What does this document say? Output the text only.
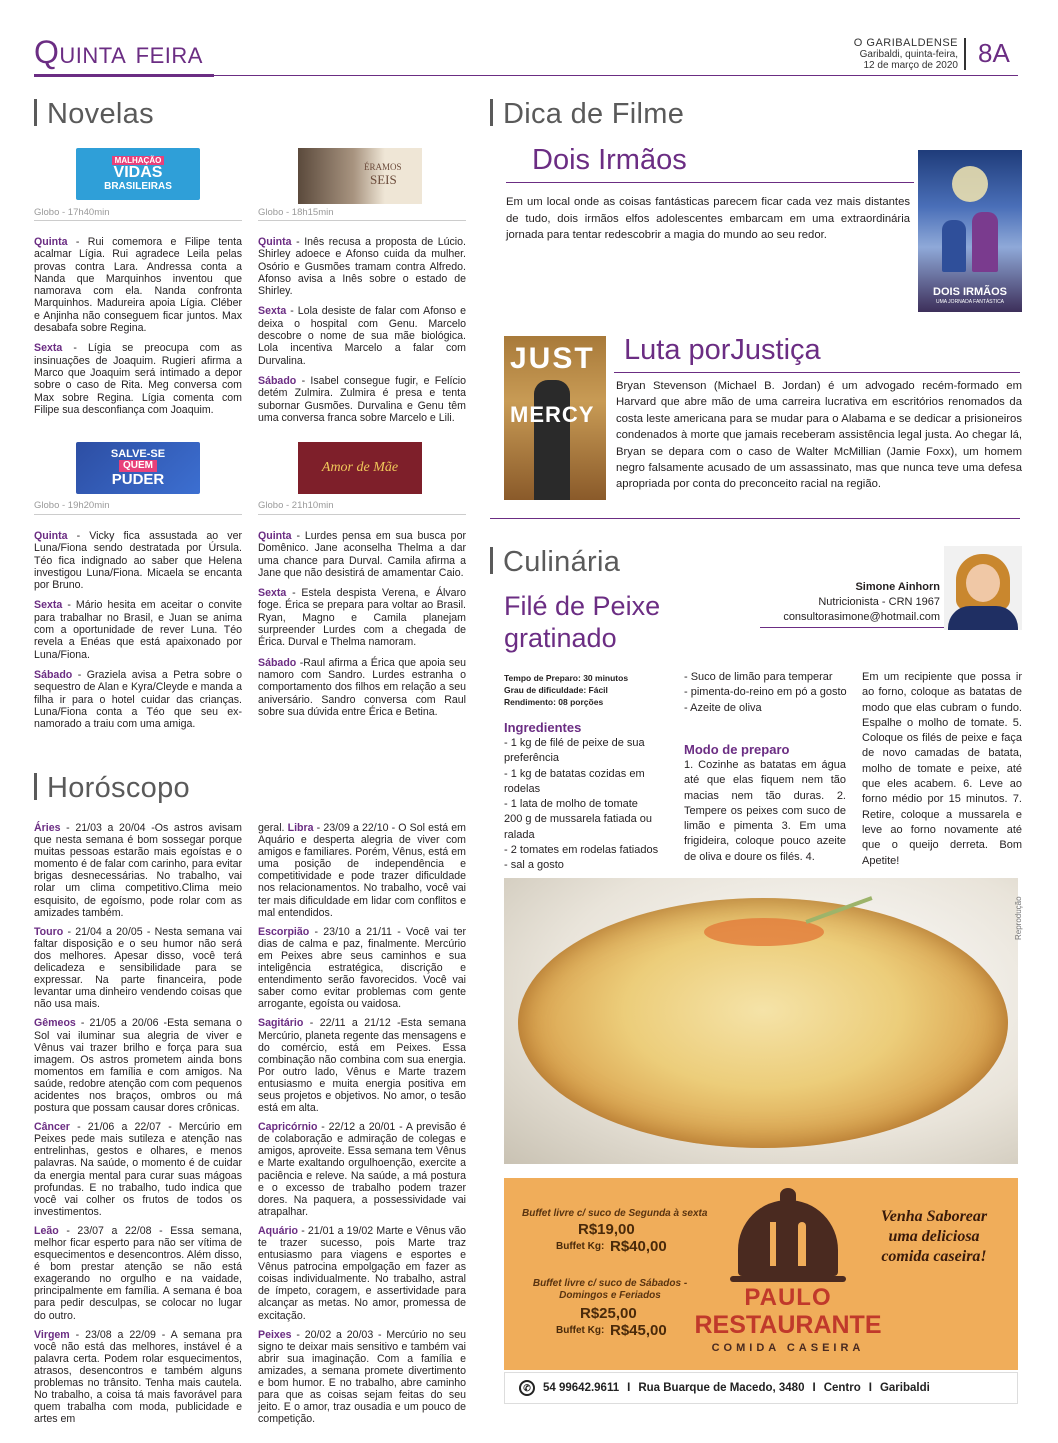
Quinta feira	O GARIBALDENSE
Garibaldi, quinta-feira,
12 de março de 2020 8A
Novelas
MALHAÇÃO
VIDAS
BRASILEIRAS
Globo - 17h40min
ÉRAMOS
SEIS
Globo - 18h15min

Quinta - Rui comemora e Filipe tenta acalmar Lígia. Rui agradece Leila pelas provas contra Lara. Andressa conta a Nanda que Marquinhos inventou que namorava com ela. Nanda confronta Marquinhos. Madureira apoia Lígia. Cléber e Anjinha não conseguem ficar juntos. Max desabafa sobre Regina.

Sexta - Lígia se preocupa com as insinuações de Joaquim. Rugieri afirma a Marco que Joaquim será intimado a depor sobre o caso de Rita. Meg conversa com Max sobre Regina. Lígia comenta com Filipe sua desconfiança com Joaquim.

Quinta - Inês recusa a proposta de Lúcio. Shirley adoece e Afonso cuida da mulher. Osório e Gusmões tramam contra Alfredo. Afonso avisa a Inês sobre o estado de Shirley.

Sexta - Lola desiste de falar com Afonso e deixa o hospital com Genu. Marcelo descobre o nome de sua mãe biológica. Lola incentiva Marcelo a falar com Durvalina.

Sábado - Isabel consegue fugir, e Felício detém Zulmira. Zulmira é presa e tenta subornar Gusmões. Durvalina e Genu têm uma conversa franca sobre Marcelo e Lili.

SALVE-SE
QUEM
PUDER
Globo - 19h20min
Amor de Mãe
Globo - 21h10min

Quinta - Vicky fica assustada ao ver Luna/Fiona sendo destratada por Úrsula. Téo fica indignado ao saber que Helena investigou Luna/Fiona. Micaela se encanta por Bruno.

Sexta - Mário hesita em aceitar o convite para trabalhar no Brasil, e Juan se anima com a oportunidade de rever Luna. Téo revela a Enéas que está apaixonado por Luna/Fiona.

Sábado - Graziela avisa a Petra sobre o sequestro de Alan e Kyra/Cleyde e manda a filha ir para o hotel cuidar das crianças. Luna/Fiona conta a Téo que seu ex-namorado a traiu com uma amiga.

Quinta - Lurdes pensa em sua busca por Domênico. Jane aconselha Thelma a dar uma chance para Durval. Camila afirma a Jane que não desistirá de amamentar Caio.

Sexta - Estela despista Verena, e Álvaro foge. Érica se prepara para voltar ao Brasil. Ryan, Magno e Camila planejam surpreender Lurdes com a chegada de Érica. Durval e Thelma namoram.

Sábado -Raul afirma a Érica que apoia seu namoro com Sandro. Lurdes estranha o comportamento dos filhos em relação a seu aniversário. Sandro conversa com Raul sobre sua dúvida entre Érica e Betina.

Horóscopo

Áries - 21/03 a 20/04 -Os astros avisam que nesta semana é bom sossegar porque muitas pessoas estarão mais egoístas e o momento é de falar com carinho, para evitar brigas desnecessárias. No trabalho, vai rolar um clima competitivo.Clima meio esquisito, de egoísmo, pode rolar com as amizades também.

Touro - 21/04 a 20/05 - Nesta semana vai faltar disposição e o seu humor não será dos melhores. Apesar disso, você terá delicadeza e sensibilidade para se expressar. Na parte financeira, pode levantar uma dinheiro vendendo coisas que não usa mais.

Gêmeos - 21/05 a 20/06 -Esta semana o Sol vai iluminar sua alegria de viver e Vênus vai trazer brilho e força para sua imagem. Os astros prometem ainda bons momentos em família e com amigos. Na saúde, redobre atenção com com pequenos acidentes nos braços, ombros ou má postura que possam causar dores crônicas.

Câncer - 21/06 a 22/07 - Mercúrio em Peixes pede mais sutileza e atenção nas entrelinhas, gestos e olhares, e menos palavras. Na saúde, o momento é de cuidar da energia mental para curar suas mágoas profundas. E no trabalho, tudo indica que você vai colher os frutos de todos os investimentos.

Leão - 23/07 a 22/08 - Essa semana, melhor ficar esperto para não ser vítima de esquecimentos e desencontros. Além disso, é bom prestar atenção se não está exagerando no orgulho e na vaidade, principalmente em família. A semana é boa para pedir desculpas, se colocar no lugar do outro.

Virgem - 23/08 a 22/09 - A semana pra você não está das melhores, instável é a palavra certa. Podem rolar esquecimentos, atrasos, desencontros e também alguns problemas no trânsito. Tenha mais cautela. No trabalho, a coisa tá mais favorável para quem trabalha com moda, publicidade e artes em

geral. Libra - 23/09 a 22/10 - O Sol está em Aquário e desperta alegria de viver com amigos e familiares. Porém, Vênus, está em uma posição de independência e competitividade e pode trazer dificuldade nos relacionamentos. No trabalho, você vai ter mais dificuldade em lidar com conflitos e mal entendidos.

Escorpião - 23/10 a 21/11 - Você vai ter dias de calma e paz, finalmente. Mercúrio em Peixes abre seus caminhos e sua inteligência estratégica, discrição e entendimento serão favorecidos. Você vai saber como evitar problemas com gente arrogante, egoísta ou vaidosa.

Sagitário - 22/11 a 21/12 -Esta semana Mercúrio, planeta regente das mensagens e do comércio, está em Peixes. Essa combinação não combina com sua energia. Por outro lado, Vênus e Marte trazem entusiasmo e muita energia positiva em seus projetos e objetivos. No amor, o tesão está em alta.

Capricórnio - 22/12 a 20/01 - A previsão é de colaboração e admiração de colegas e amigos, aproveite. Essa semana tem Vênus e Marte exaltando orgulhoenção, exercite a paciência e releve. Na saúde, a má postura e o excesso de trabalho podem trazer dores. Na paquera, a possessividade vai atrapalhar.

Aquário - 21/01 a 19/02 Marte e Vênus vão te trazer sucesso, pois Marte traz entusiasmo para viagens e esportes e Vênus patrocina empolgação em fazer as coisas individualmente. No trabalho, astral de ímpeto, coragem, e assertividade para alcançar as metas. No amor, promessa de excitação.

Peixes - 20/02 a 20/03 - Mercúrio no seu signo te deixar mais sensitivo e também vai abrir sua imaginação. Com a família e amizades, a semana promete divertimento e bom humor. E no trabalho, abre caminho para que as coisas sejam feitas do seu jeito. E o amor, traz ousadia e um pouco de competição.

Dica de Filme
Dois Irmãos
Em um local onde as coisas fantásticas parecem ficar cada vez mais distantes de tudo, dois irmãos elfos adolescentes embarcam em uma extraordinária jornada para tentar redescobrir a magia do mundo ao seu redor.
DOIS IRMÃOS
UMA JORNADA FANTÁSTICA
JUST
MERCY
Luta porJustiça
Bryan Stevenson (Michael B. Jordan) é um advogado recém-formado em Harvard que abre mão de uma carreira lucrativa em escritórios renomados da costa leste americana para se mudar para o Alabama e se dedicar a prisioneiros condenados à morte que jamais receberam assistência legal justa. Ao chegar lá, Bryan se depara com o caso de Walter McMillian (Jamie Foxx), um homem negro falsamente acusado de um assassinato, mas que nunca teve uma defesa apropriada por conta do preconceito racial na região.
Culinária
Filé de Peixe gratinado
Simone Ainhorn
Nutricionista - CRN 1967
consultorasimone@hotmail.com
Tempo de Preparo: 30 minutos
Grau de dificuldade: Fácil
Rendimento: 08 porções
Ingredientes
- 1 kg de filé de peixe de sua preferência
- 1 kg de batatas cozidas em rodelas
- 1 lata de molho de tomate
200 g de mussarela fatiada ou ralada
- 2 tomates em rodelas fatiados
- sal a gosto
- Suco de limão para temperar
- pimenta-do-reino em pó a gosto
- Azeite de oliva
Modo de preparo
1. Cozinhe as batatas em água até que elas fiquem nem tão macias nem tão duras. 2. Tempere os peixes com suco de limão e pimenta 3. Em uma frigideira, coloque pouco azeite de oliva e doure os filés. 4.
Em um recipiente que possa ir ao forno, coloque as batatas de modo que elas cubram o fundo. Espalhe o molho de tomate. 5. Coloque os filés de peixe e faça de novo camadas de batata, molho de tomate e peixe, até que eles acabem. 6. Leve ao forno médio por 15 minutos. 7. Retire, coloque a mussarela e leve ao forno novamente até que o queijo derreta. Bom Apetite!
Reprodução
Buffet livre c/ suco de Segunda à sexta
R$19,00
Buffet Kg: R$40,00
Buffet livre c/ suco de Sábados - Domingos e Feriados
R$25,00
Buffet Kg: R$45,00
PAULO
RESTAURANTE
COMIDA CASEIRA
Venha Saborear
uma deliciosa
comida caseira!
✆	54 99642.9611 I Rua Buarque de Macedo, 3480 I Centro I Garibaldi
